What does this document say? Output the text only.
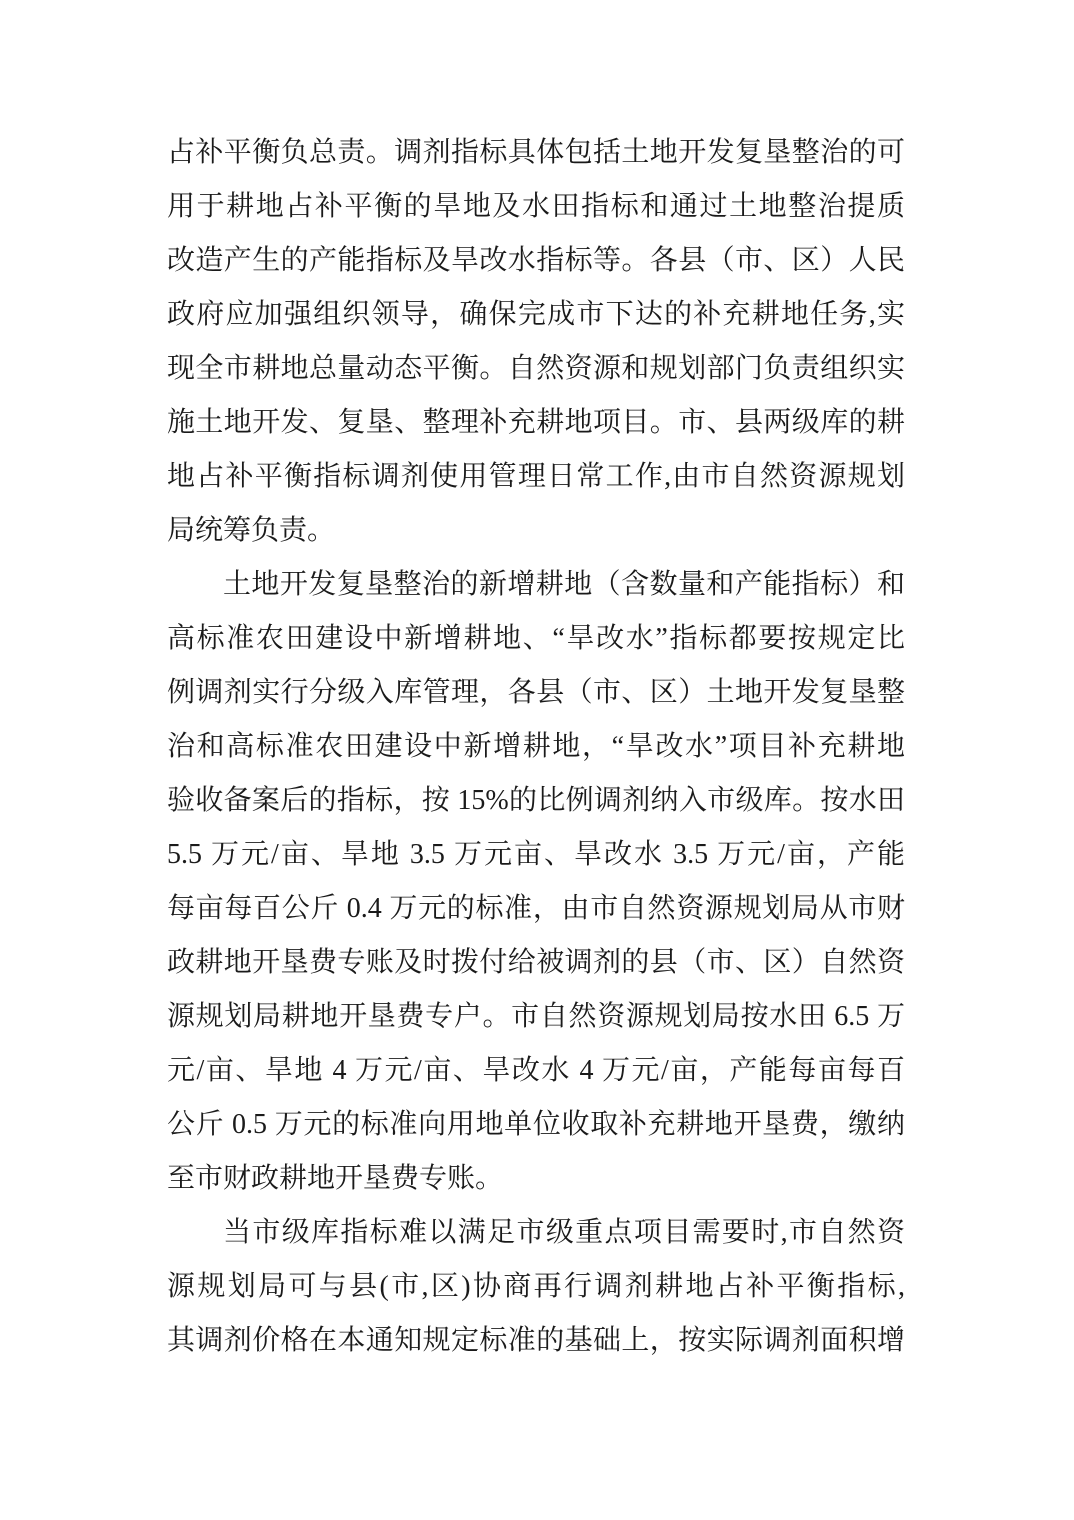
占补平衡负总责。调剂指标具体包括土地开发复垦整治的可

用于耕地占补平衡的旱地及水田指标和通过土地整治提质

改造产生的产能指标及旱改水指标等。各县（市、区）人民

政府应加强组织领导，确保完成市下达的补充耕地任务,实

现全市耕地总量动态平衡。自然资源和规划部门负责组织实

施土地开发、复垦、整理补充耕地项目。市、县两级库的耕

地占补平衡指标调剂使用管理日常工作,由市自然资源规划

局统筹负责。

土地开发复垦整治的新增耕地（含数量和产能指标）和

高标准农田建设中新增耕地、“旱改水”指标都要按规定比

例调剂实行分级入库管理，各县（市、区）土地开发复垦整

治和高标准农田建设中新增耕地，“旱改水”项目补充耕地

验收备案后的指标，按 15%的比例调剂纳入市级库。按水田

5.5 万元/亩、旱地 3.5 万元亩、旱改水 3.5 万元/亩，产能

每亩每百公斤 0.4 万元的标准，由市自然资源规划局从市财

政耕地开垦费专账及时拨付给被调剂的县（市、区）自然资

源规划局耕地开垦费专户。市自然资源规划局按水田 6.5 万

元/亩、旱地 4 万元/亩、旱改水 4 万元/亩，产能每亩每百

公斤 0.5 万元的标准向用地单位收取补充耕地开垦费，缴纳

至市财政耕地开垦费专账。

当市级库指标难以满足市级重点项目需要时,市自然资

源规划局可与县(市,区)协商再行调剂耕地占补平衡指标,

其调剂价格在本通知规定标准的基础上，按实际调剂面积增
